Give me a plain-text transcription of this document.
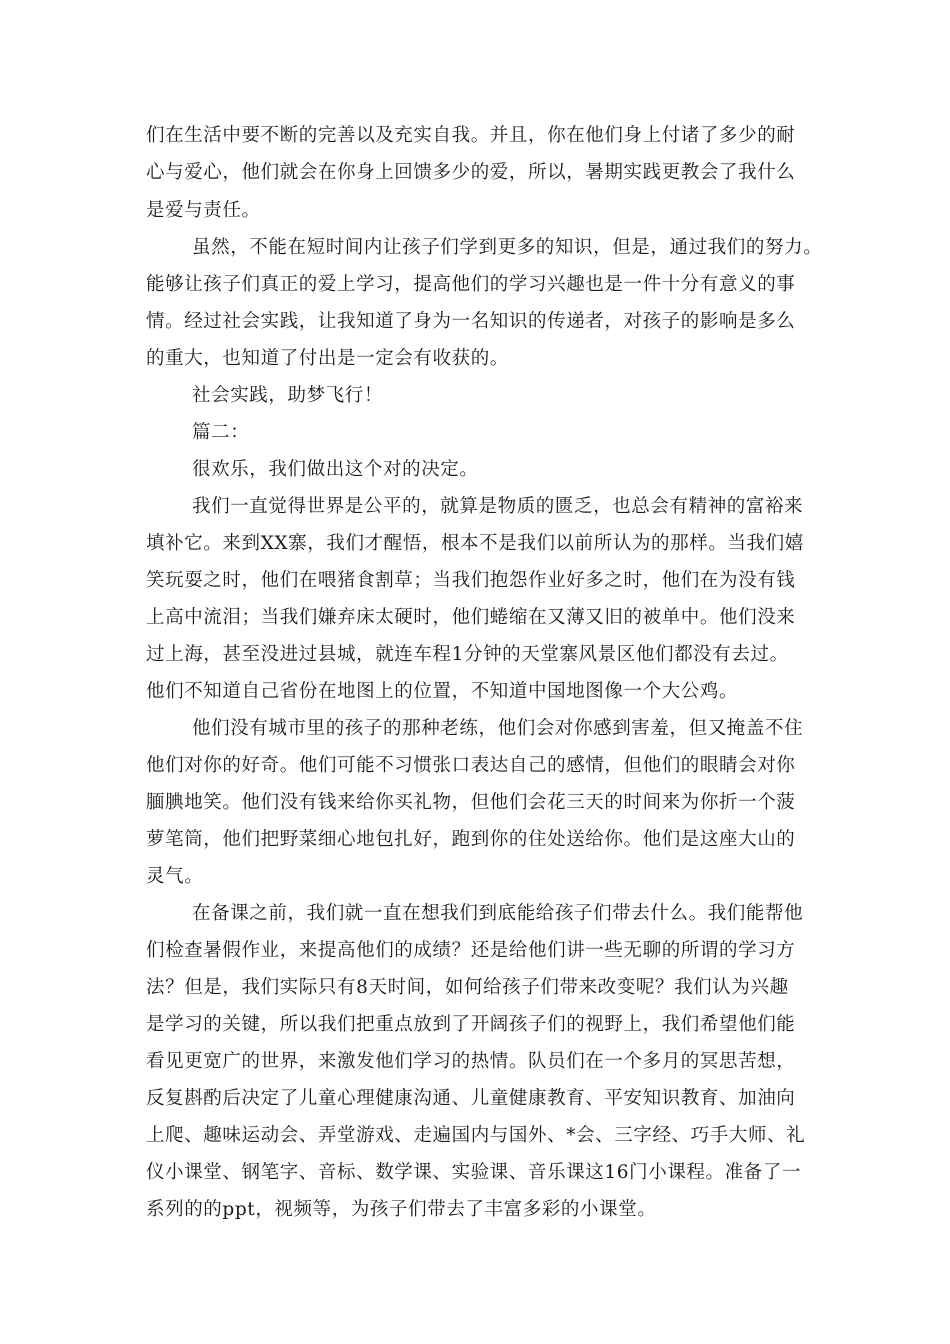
们在生活中要不断的完善以及充实自我。并且，你在他们身上付诸了多少的耐
心与爱心，他们就会在你身上回馈多少的爱，所以，暑期实践更教会了我什么
是爱与责任。
虽然，不能在短时间内让孩子们学到更多的知识，但是，通过我们的努力。
能够让孩子们真正的爱上学习，提高他们的学习兴趣也是一件十分有意义的事
情。经过社会实践，让我知道了身为一名知识的传递者，对孩子的影响是多么
的重大，也知道了付出是一定会有收获的。
社会实践，助梦飞行！
篇二：
很欢乐，我们做出这个对的决定。
我们一直觉得世界是公平的，就算是物质的匮乏，也总会有精神的富裕来
填补它。来到XX寨，我们才醒悟，根本不是我们以前所认为的那样。当我们嬉
笑玩耍之时，他们在喂猪食割草；当我们抱怨作业好多之时，他们在为没有钱
上高中流泪；当我们嫌弃床太硬时，他们蜷缩在又薄又旧的被单中。他们没来
过上海，甚至没进过县城，就连车程1分钟的天堂寨风景区他们都没有去过。
他们不知道自己省份在地图上的位置，不知道中国地图像一个大公鸡。
他们没有城市里的孩子的那种老练，他们会对你感到害羞，但又掩盖不住
他们对你的好奇。他们可能不习惯张口表达自己的感情，但他们的眼睛会对你
腼腆地笑。他们没有钱来给你买礼物，但他们会花三天的时间来为你折一个菠
萝笔筒，他们把野菜细心地包扎好，跑到你的住处送给你。他们是这座大山的
灵气。
在备课之前，我们就一直在想我们到底能给孩子们带去什么。我们能帮他
们检查暑假作业，来提高他们的成绩？还是给他们讲一些无聊的所谓的学习方
法？但是，我们实际只有8天时间，如何给孩子们带来改变呢？我们认为兴趣
是学习的关键，所以我们把重点放到了开阔孩子们的视野上，我们希望他们能
看见更宽广的世界，来激发他们学习的热情。队员们在一个多月的冥思苦想，
反复斟酌后决定了儿童心理健康沟通、儿童健康教育、平安知识教育、加油向
上爬、趣味运动会、弄堂游戏、走遍国内与国外、*会、三字经、巧手大师、礼
仪小课堂、钢笔字、音标、数学课、实验课、音乐课这16门小课程。准备了一
系列的的ppt，视频等，为孩子们带去了丰富多彩的小课堂。
